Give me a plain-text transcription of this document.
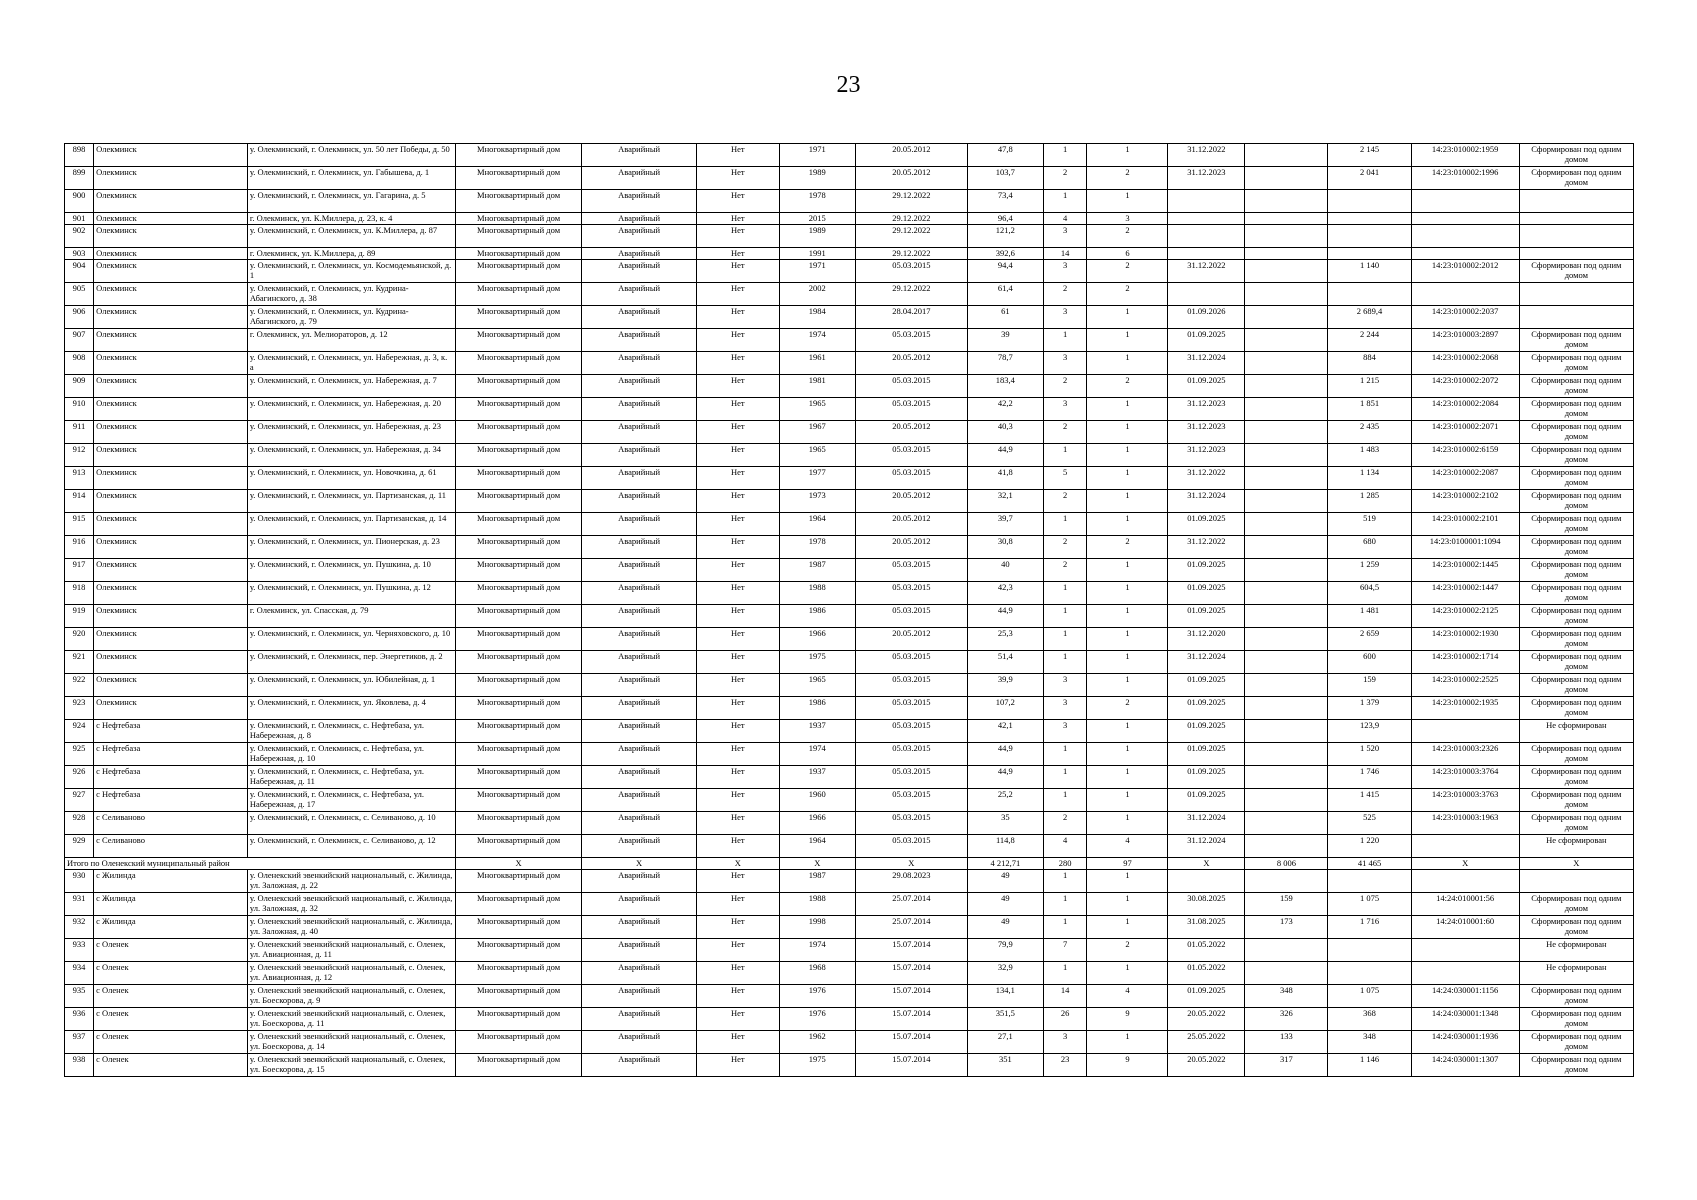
23
898	Олекминск	у. Олекминский, г. Олекминск, ул. 50 лет Победы, д. 50	Многоквартирный дом	Аварийный	Нет	1971	20.05.2012	47,8	1	1	31.12.2022		2 145	14:23:010002:1959	Сформирован под одним домом
899	Олекминск	у. Олекминский, г. Олекминск, ул. Габышева, д. 1	Многоквартирный дом	Аварийный	Нет	1989	20.05.2012	103,7	2	2	31.12.2023		2 041	14:23:010002:1996	Сформирован под одним домом
900	Олекминск	у. Олекминский, г. Олекминск, ул. Гагарина, д. 5	Многоквартирный дом	Аварийный	Нет	1978	29.12.2022	73,4	1	1					
901	Олекминск	г. Олекминск, ул. К.Миллера, д. 23, к. 4	Многоквартирный дом	Аварийный	Нет	2015	29.12.2022	96,4	4	3					
902	Олекминск	у. Олекминский, г. Олекминск, ул. К.Миллера, д. 87	Многоквартирный дом	Аварийный	Нет	1989	29.12.2022	121,2	3	2					
903	Олекминск	г. Олекминск, ул. К.Миллера, д. 89	Многоквартирный дом	Аварийный	Нет	1991	29.12.2022	392,6	14	6					
904	Олекминск	у. Олекминский, г. Олекминск, ул. Космодемьянской, д. 1	Многоквартирный дом	Аварийный	Нет	1971	05.03.2015	94,4	3	2	31.12.2022		1 140	14:23:010002:2012	Сформирован под одним домом
905	Олекминск	у. Олекминский, г. Олекминск, ул. Кудрина-Абагинского, д. 38	Многоквартирный дом	Аварийный	Нет	2002	29.12.2022	61,4	2	2					
906	Олекминск	у. Олекминский, г. Олекминск, ул. Кудрина-Абагинского, д. 79	Многоквартирный дом	Аварийный	Нет	1984	28.04.2017	61	3	1	01.09.2026		2 689,4	14:23:010002:2037	
907	Олекминск	г. Олекминск, ул. Мелиораторов, д. 12	Многоквартирный дом	Аварийный	Нет	1974	05.03.2015	39	1	1	01.09.2025		2 244	14:23:010003:2897	Сформирован под одним домом
908	Олекминск	у. Олекминский, г. Олекминск, ул. Набережная, д. 3, к. а	Многоквартирный дом	Аварийный	Нет	1961	20.05.2012	78,7	3	1	31.12.2024		884	14:23:010002:2068	Сформирован под одним домом
909	Олекминск	у. Олекминский, г. Олекминск, ул. Набережная, д. 7	Многоквартирный дом	Аварийный	Нет	1981	05.03.2015	183,4	2	2	01.09.2025		1 215	14:23:010002:2072	Сформирован под одним домом
910	Олекминск	у. Олекминский, г. Олекминск, ул. Набережная, д. 20	Многоквартирный дом	Аварийный	Нет	1965	05.03.2015	42,2	3	1	31.12.2023		1 851	14:23:010002:2084	Сформирован под одним домом
911	Олекминск	у. Олекминский, г. Олекминск, ул. Набережная, д. 23	Многоквартирный дом	Аварийный	Нет	1967	20.05.2012	40,3	2	1	31.12.2023		2 435	14:23:010002:2071	Сформирован под одним домом
912	Олекминск	у. Олекминский, г. Олекминск, ул. Набережная, д. 34	Многоквартирный дом	Аварийный	Нет	1965	05.03.2015	44,9	1	1	31.12.2023		1 483	14:23:010002:6159	Сформирован под одним домом
913	Олекминск	у. Олекминский, г. Олекминск, ул. Новочкина, д. 61	Многоквартирный дом	Аварийный	Нет	1977	05.03.2015	41,8	5	1	31.12.2022		1 134	14:23:010002:2087	Сформирован под одним домом
914	Олекминск	у. Олекминский, г. Олекминск, ул. Партизанская, д. 11	Многоквартирный дом	Аварийный	Нет	1973	20.05.2012	32,1	2	1	31.12.2024		1 285	14:23:010002:2102	Сформирован под одним домом
915	Олекминск	у. Олекминский, г. Олекминск, ул. Партизанская, д. 14	Многоквартирный дом	Аварийный	Нет	1964	20.05.2012	39,7	1	1	01.09.2025		519	14:23:010002:2101	Сформирован под одним домом
916	Олекминск	у. Олекминский, г. Олекминск, ул. Пионерская, д. 23	Многоквартирный дом	Аварийный	Нет	1978	20.05.2012	30,8	2	2	31.12.2022		680	14:23:0100001:1094	Сформирован под одним домом
917	Олекминск	у. Олекминский, г. Олекминск, ул. Пушкина, д. 10	Многоквартирный дом	Аварийный	Нет	1987	05.03.2015	40	2	1	01.09.2025		1 259	14:23:010002:1445	Сформирован под одним домом
918	Олекминск	у. Олекминский, г. Олекминск, ул. Пушкина, д. 12	Многоквартирный дом	Аварийный	Нет	1988	05.03.2015	42,3	1	1	01.09.2025		604,5	14:23:010002:1447	Сформирован под одним домом
919	Олекминск	г. Олекминск, ул. Спасская, д. 79	Многоквартирный дом	Аварийный	Нет	1986	05.03.2015	44,9	1	1	01.09.2025		1 481	14:23:010002:2125	Сформирован под одним домом
920	Олекминск	у. Олекминский, г. Олекминск, ул. Черняховского, д. 10	Многоквартирный дом	Аварийный	Нет	1966	20.05.2012	25,3	1	1	31.12.2020		2 659	14:23:010002:1930	Сформирован под одним домом
921	Олекминск	у. Олекминский, г. Олекминск, пер. Энергетиков, д. 2	Многоквартирный дом	Аварийный	Нет	1975	05.03.2015	51,4	1	1	31.12.2024		600	14:23:010002:1714	Сформирован под одним домом
922	Олекминск	у. Олекминский, г. Олекминск, ул. Юбилейная, д. 1	Многоквартирный дом	Аварийный	Нет	1965	05.03.2015	39,9	3	1	01.09.2025		159	14:23:010002:2525	Сформирован под одним домом
923	Олекминск	у. Олекминский, г. Олекминск, ул. Яковлева, д. 4	Многоквартирный дом	Аварийный	Нет	1986	05.03.2015	107,2	3	2	01.09.2025		1 379	14:23:010002:1935	Сформирован под одним домом
924	с Нефтебаза	у. Олекминский, г. Олекминск, с. Нефтебаза, ул. Набережная, д. 8	Многоквартирный дом	Аварийный	Нет	1937	05.03.2015	42,1	3	1	01.09.2025		123,9		Не сформирован
925	с Нефтебаза	у. Олекминский, г. Олекминск, с. Нефтебаза, ул. Набережная, д. 10	Многоквартирный дом	Аварийный	Нет	1974	05.03.2015	44,9	1	1	01.09.2025		1 520	14:23:010003:2326	Сформирован под одним домом
926	с Нефтебаза	у. Олекминский, г. Олекминск, с. Нефтебаза, ул. Набережная, д. 11	Многоквартирный дом	Аварийный	Нет	1937	05.03.2015	44,9	1	1	01.09.2025		1 746	14:23:010003:3764	Сформирован под одним домом
927	с Нефтебаза	у. Олекминский, г. Олекминск, с. Нефтебаза, ул. Набережная, д. 17	Многоквартирный дом	Аварийный	Нет	1960	05.03.2015	25,2	1	1	01.09.2025		1 415	14:23:010003:3763	Сформирован под одним домом
928	с Селиваново	у. Олекминский, г. Олекминск, с. Селиваново, д. 10	Многоквартирный дом	Аварийный	Нет	1966	05.03.2015	35	2	1	31.12.2024		525	14:23:010003:1963	Сформирован под одним домом
929	с Селиваново	у. Олекминский, г. Олекминск, с. Селиваново, д. 12	Многоквартирный дом	Аварийный	Нет	1964	05.03.2015	114,8	4	4	31.12.2024		1 220		Не сформирован
Итого по Оленекский муниципальный район			X	X	X	X	X	4 212,71	280	97	X	8 006	41 465	X	X
930	с Жилинда	у. Оленекский эвенкийский национальный, с. Жилинда, ул. Заложная, д. 22	Многоквартирный дом	Аварийный	Нет	1987	29.08.2023	49	1	1					
931	с Жилинда	у. Оленекский эвенкийский национальный, с. Жилинда, ул. Заложная, д. 32	Многоквартирный дом	Аварийный	Нет	1988	25.07.2014	49	1	1	30.08.2025	159	1 075	14:24:010001:56	Сформирован под одним домом
932	с Жилинда	у. Оленекский эвенкийский национальный, с. Жилинда, ул. Заложная, д. 40	Многоквартирный дом	Аварийный	Нет	1998	25.07.2014	49	1	1	31.08.2025	173	1 716	14:24:010001:60	Сформирован под одним домом
933	с Оленек	у. Оленекский эвенкийский национальный, с. Оленек, ул. Авиационная, д. 11	Многоквартирный дом	Аварийный	Нет	1974	15.07.2014	79,9	7	2	01.05.2022				Не сформирован
934	с Оленек	у. Оленекский эвенкийский национальный, с. Оленек, ул. Авиационная, д. 12	Многоквартирный дом	Аварийный	Нет	1968	15.07.2014	32,9	1	1	01.05.2022				Не сформирован
935	с Оленек	у. Оленекский эвенкийский национальный, с. Оленек, ул. Боескорова, д. 9	Многоквартирный дом	Аварийный	Нет	1976	15.07.2014	134,1	14	4	01.09.2025	348	1 075	14:24:030001:1156	Сформирован под одним домом
936	с Оленек	у. Оленекский эвенкийский национальный, с. Оленек, ул. Боескорова, д. 11	Многоквартирный дом	Аварийный	Нет	1976	15.07.2014	351,5	26	9	20.05.2022	326	368	14:24:030001:1348	Сформирован под одним домом
937	с Оленек	у. Оленекский эвенкийский национальный, с. Оленек, ул. Боескорова, д. 14	Многоквартирный дом	Аварийный	Нет	1962	15.07.2014	27,1	3	1	25.05.2022	133	348	14:24:030001:1936	Сформирован под одним домом
938	с Оленек	у. Оленекский эвенкийский национальный, с. Оленек, ул. Боескорова, д. 15	Многоквартирный дом	Аварийный	Нет	1975	15.07.2014	351	23	9	20.05.2022	317	1 146	14:24:030001:1307	Сформирован под одним домом
